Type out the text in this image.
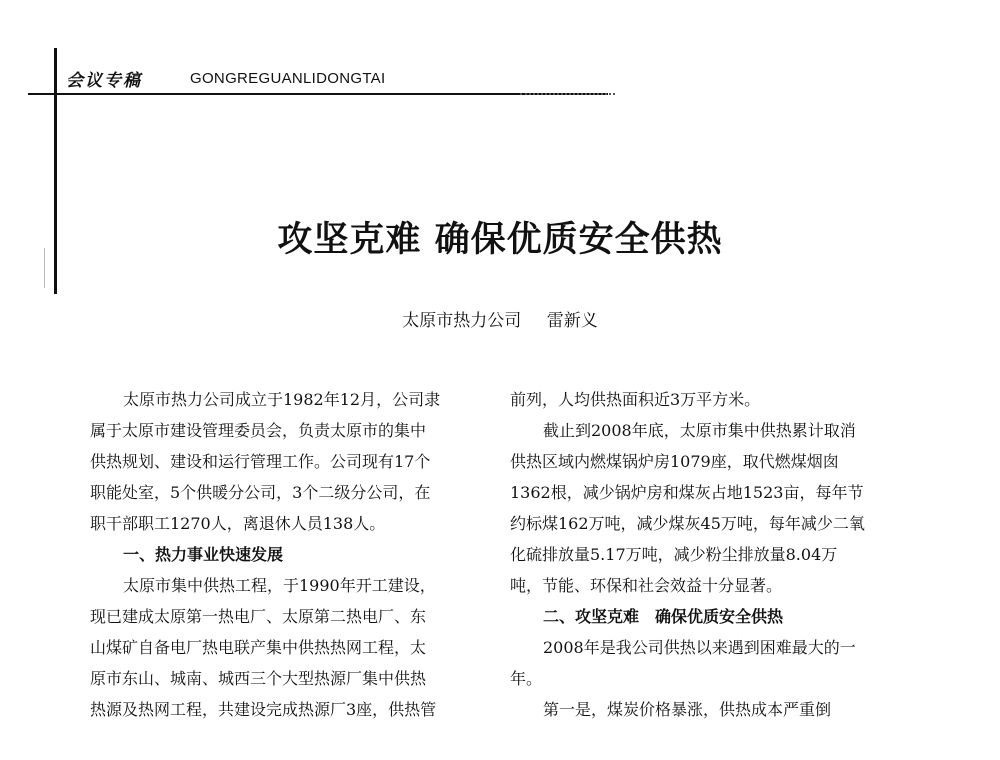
会议专稿	GONGREGUANLIDONGTAI
攻坚克难 确保优质安全供热
太原市热力公司 雷新义
太原市热力公司成立于1982年12月，公司隶
属于太原市建设管理委员会，负责太原市的集中
供热规划、建设和运行管理工作。公司现有17个
职能处室，5个供暖分公司，3个二级分公司，在
职干部职工1270人，离退休人员138人。
一、热力事业快速发展
太原市集中供热工程，于1990年开工建设，
现已建成太原第一热电厂、太原第二热电厂、东
山煤矿自备电厂热电联产集中供热热网工程，太
原市东山、城南、城西三个大型热源厂集中供热
热源及热网工程，共建设完成热源厂3座，供热管
前列，人均供热面积近3万平方米。
截止到2008年底，太原市集中供热累计取消
供热区域内燃煤锅炉房1079座，取代燃煤烟囱
1362根，减少锅炉房和煤灰占地1523亩，每年节
约标煤162万吨，减少煤灰45万吨，每年减少二氧
化硫排放量5.17万吨，减少粉尘排放量8.04万
吨，节能、环保和社会效益十分显著。
二、攻坚克难　确保优质安全供热
2008年是我公司供热以来遇到困难最大的一
年。
第一是，煤炭价格暴涨，供热成本严重倒
